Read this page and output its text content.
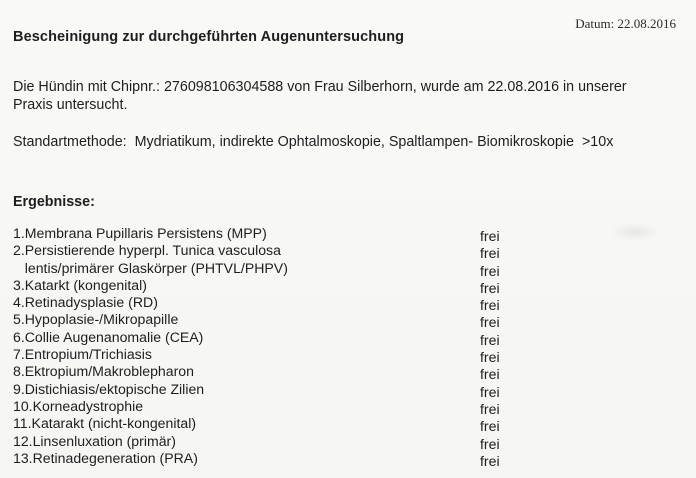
Datum: 22.08.2016
Bescheinigung zur durchgeführten Augenuntersuchung
Die Hündin mit Chipnr.: 276098106304588 von Frau Silberhorn, wurde am 22.08.2016 in unserer
Praxis untersucht.
Standartmethode:  Mydriatikum, indirekte Ophtalmoskopie, Spaltlampen- Biomikroskopie  >10x
Ergebnisse:
1.Membrana Pupillaris Persistens (MPP)	frei
2.Persistierende hyperpl. Tunica vasculosa	frei
lentis/primärer Glaskörper (PHTVL/PHPV)	frei
3.Katarkt (kongenital)	frei
4.Retinadysplasie (RD)	frei
5.Hypoplasie-/Mikropapille	frei
6.Collie Augenanomalie (CEA)	frei
7.Entropium/Trichiasis	frei
8.Ektropium/Makroblepharon	frei
9.Distichiasis/ektopische Zilien	frei
10.Korneadystrophie	frei
11.Katarakt (nicht-kongenital)	frei
12.Linsenluxation (primär)	frei
13.Retinadegeneration (PRA)	frei
